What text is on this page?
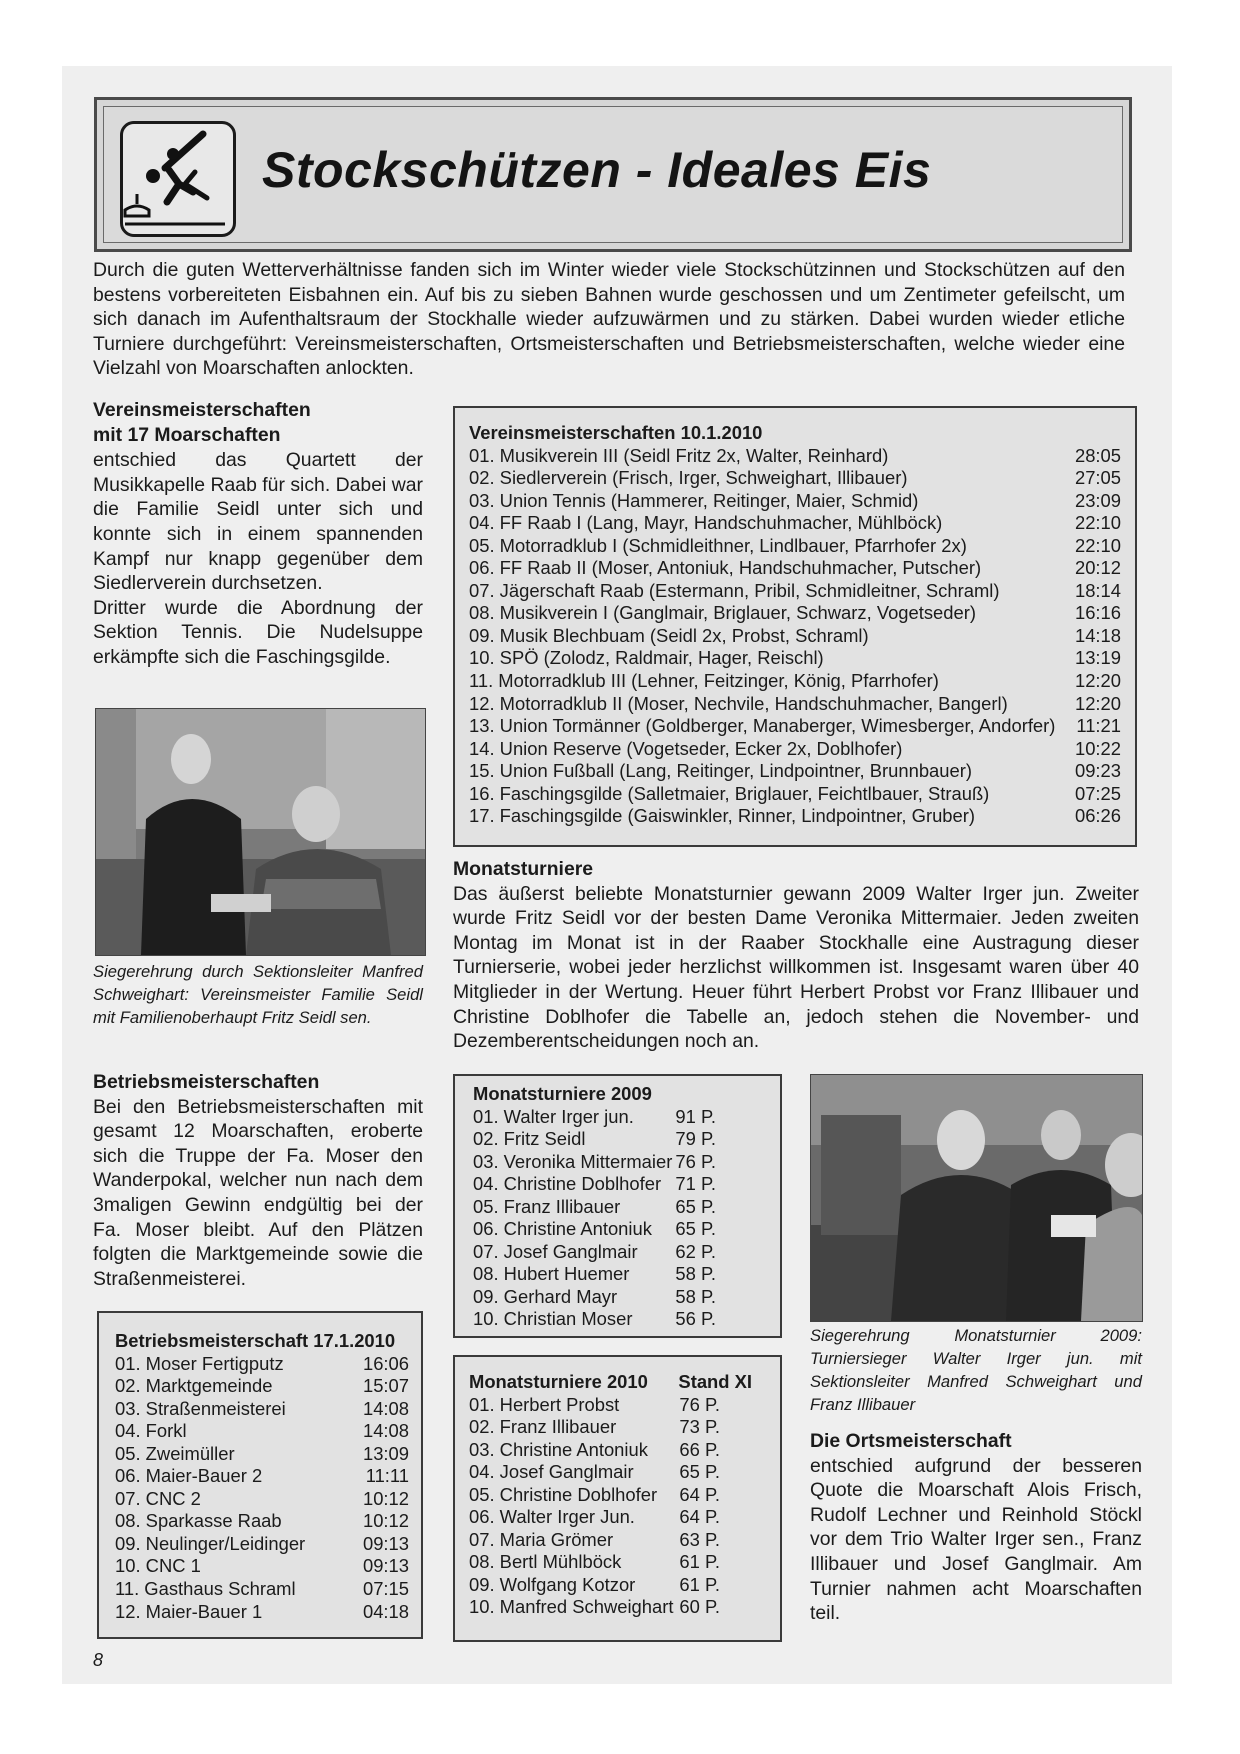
Stockschützen - Ideales Eis
Durch die guten Wetterverhältnisse fanden sich im Winter wieder viele Stockschützinnen und Stockschützen auf den bestens vorbereiteten Eisbahnen ein. Auf bis zu sieben Bahnen wurde geschossen und um Zentimeter gefeilscht, um sich danach im Aufenthaltsraum der Stockhalle wieder aufzuwärmen und zu stärken. Dabei wurden wieder etliche Turniere durchgeführt: Vereinsmeisterschaften, Ortsmeisterschaften und Betriebsmeisterschaften, welche wieder eine Vielzahl von Moarschaften anlockten.
Vereinsmeisterschaften
mit 17 Moarschaften
entschied das Quartett der Musikkapelle Raab für sich. Dabei war die Familie Seidl unter sich und konnte sich in einem spannenden Kampf nur knapp gegenüber dem Siedlerverein durchsetzen.
Dritter wurde die Abordnung der Sektion Tennis. Die Nudelsuppe erkämpfte sich die Faschingsgilde.
Siegerehrung durch Sektionsleiter Manfred Schweighart: Vereinsmeister Familie Seidl mit Familienoberhaupt Fritz Seidl sen.
Betriebsmeisterschaften
Bei den Betriebsmeisterschaften mit gesamt 12 Moarschaften, eroberte sich die Truppe der Fa. Moser den Wanderpokal, welcher nun nach dem 3maligen Gewinn endgültig bei der Fa. Moser bleibt. Auf den Plätzen folgten die Marktgemeinde sowie die Straßenmeisterei.
Betriebsmeisterschaft 17.1.2010
01. Moser Fertigputz	16:06
02. Marktgemeinde	15:07
03. Straßenmeisterei	14:08
04. Forkl	14:08
05. Zweimüller	13:09
06. Maier-Bauer 2	11:11
07. CNC 2	10:12
08. Sparkasse Raab	10:12
09. Neulinger/Leidinger	09:13
10. CNC 1	09:13
11. Gasthaus Schraml	07:15
12. Maier-Bauer 1	04:18
Vereinsmeisterschaften 10.1.2010
01. Musikverein III (Seidl Fritz 2x, Walter, Reinhard)	28:05
02. Siedlerverein (Frisch, Irger, Schweighart, Illibauer)	27:05
03. Union Tennis (Hammerer, Reitinger, Maier, Schmid)	23:09
04. FF Raab I (Lang, Mayr, Handschuhmacher, Mühlböck)	22:10
05. Motorradklub I (Schmidleithner, Lindlbauer, Pfarrhofer 2x)	22:10
06. FF Raab II (Moser, Antoniuk, Handschuhmacher, Putscher)	20:12
07. Jägerschaft Raab (Estermann, Pribil, Schmidleitner, Schraml)	18:14
08. Musikverein I (Ganglmair, Briglauer, Schwarz, Vogetseder)	16:16
09. Musik Blechbuam (Seidl 2x, Probst, Schraml)	14:18
10. SPÖ (Zolodz, Raldmair, Hager, Reischl)	13:19
11. Motorradklub III (Lehner, Feitzinger, König, Pfarrhofer)	12:20
12. Motorradklub II (Moser, Nechvile, Handschuhmacher, Bangerl)	12:20
13. Union Tormänner (Goldberger, Manaberger, Wimesberger, Andorfer)	11:21
14. Union Reserve (Vogetseder, Ecker 2x, Doblhofer)	10:22
15. Union Fußball (Lang, Reitinger, Lindpointner, Brunnbauer)	09:23
16. Faschingsgilde (Salletmaier, Briglauer, Feichtlbauer, Strauß)	07:25
17. Faschingsgilde (Gaiswinkler, Rinner, Lindpointner, Gruber)	06:26
Monatsturniere
Das äußerst beliebte Monatsturnier gewann 2009 Walter Irger jun. Zweiter wurde Fritz Seidl vor der besten Dame Veronika Mittermaier. Jeden zweiten Montag im Monat ist in der Raaber Stockhalle eine Austragung dieser Turnierserie, wobei jeder herzlichst willkommen ist. Insgesamt waren über 40 Mitglieder in der Wertung. Heuer führt Herbert Probst vor Franz Illibauer und Christine Doblhofer die Tabelle an, jedoch stehen die November- und Dezemberentscheidungen noch an.
Monatsturniere 2009
01. Walter Irger jun.	91 P.
02. Fritz Seidl	79 P.
03. Veronika Mittermaier 76 P.
04. Christine Doblhofer 71 P.
05. Franz Illibauer	65 P.
06. Christine Antoniuk	65 P.
07. Josef Ganglmair	62 P.
08. Hubert Huemer	58 P.
09. Gerhard Mayr	58 P.
10. Christian Moser	56 P.
Monatsturniere 2010	Stand XI
01. Herbert Probst	76 P.
02. Franz Illibauer	73 P.
03. Christine Antoniuk	66 P.
04. Josef Ganglmair	65 P.
05. Christine Doblhofer	64 P.
06. Walter Irger Jun.	64 P.
07. Maria Grömer	63 P.
08. Bertl Mühlböck	61 P.
09. Wolfgang Kotzor	61 P.
10. Manfred Schweighart 60 P.
Siegerehrung Monatsturnier 2009: Turniersieger Walter Irger jun. mit Sektionsleiter Manfred Schweighart und Franz Illibauer
Die Ortsmeisterschaft
entschied aufgrund der besseren Quote die Moarschaft Alois Frisch, Rudolf Lechner und Reinhold Stöckl vor dem Trio Walter Irger sen., Franz Illibauer und Josef Ganglmair. Am Turnier nahmen acht Moarschaften teil.
8
